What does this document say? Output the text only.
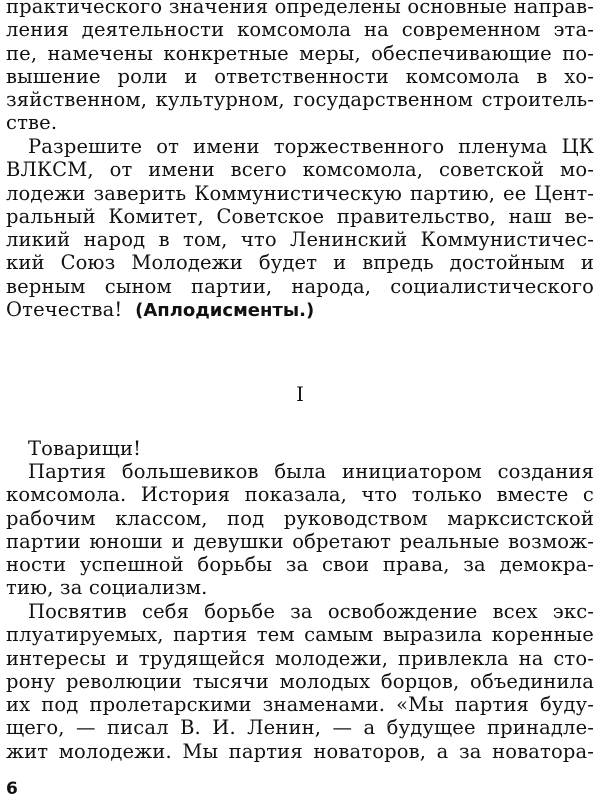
практического значения определены основные направ-
ления деятельности комсомола на современном эта-
пе, намечены конкретные меры, обеспечивающие по-
вышение роли и ответственности комсомола в хо-
зяйственном, культурном, государственном строитель-
стве.
Разрешите от имени торжественного пленума ЦК
ВЛКСМ, от имени всего комсомола, советской мо-
лодежи заверить Коммунистическую партию, ее Цент-
ральный Комитет, Советское правительство, наш ве-
ликий народ в том, что Ленинский Коммунистичес-
кий Союз Молодежи будет и впредь достойным и
верным сыном партии, народа, социалистического
Отечества! (Аплодисменты.)
I
Товарищи!
Партия большевиков была инициатором создания
комсомола. История показала, что только вместе с
рабочим классом, под руководством марксистской
партии юноши и девушки обретают реальные возмож-
ности успешной борьбы за свои права, за демокра-
тию, за социализм.
Посвятив себя борьбе за освобождение всех экс-
плуатируемых, партия тем самым выразила коренные
интересы и трудящейся молодежи, привлекла на сто-
рону революции тысячи молодых борцов, объединила
их под пролетарскими знаменами. «Мы партия буду-
щего, — писал В. И. Ленин, — а будущее принадле-
жит молодежи. Мы партия новаторов, а за новатора-
6
